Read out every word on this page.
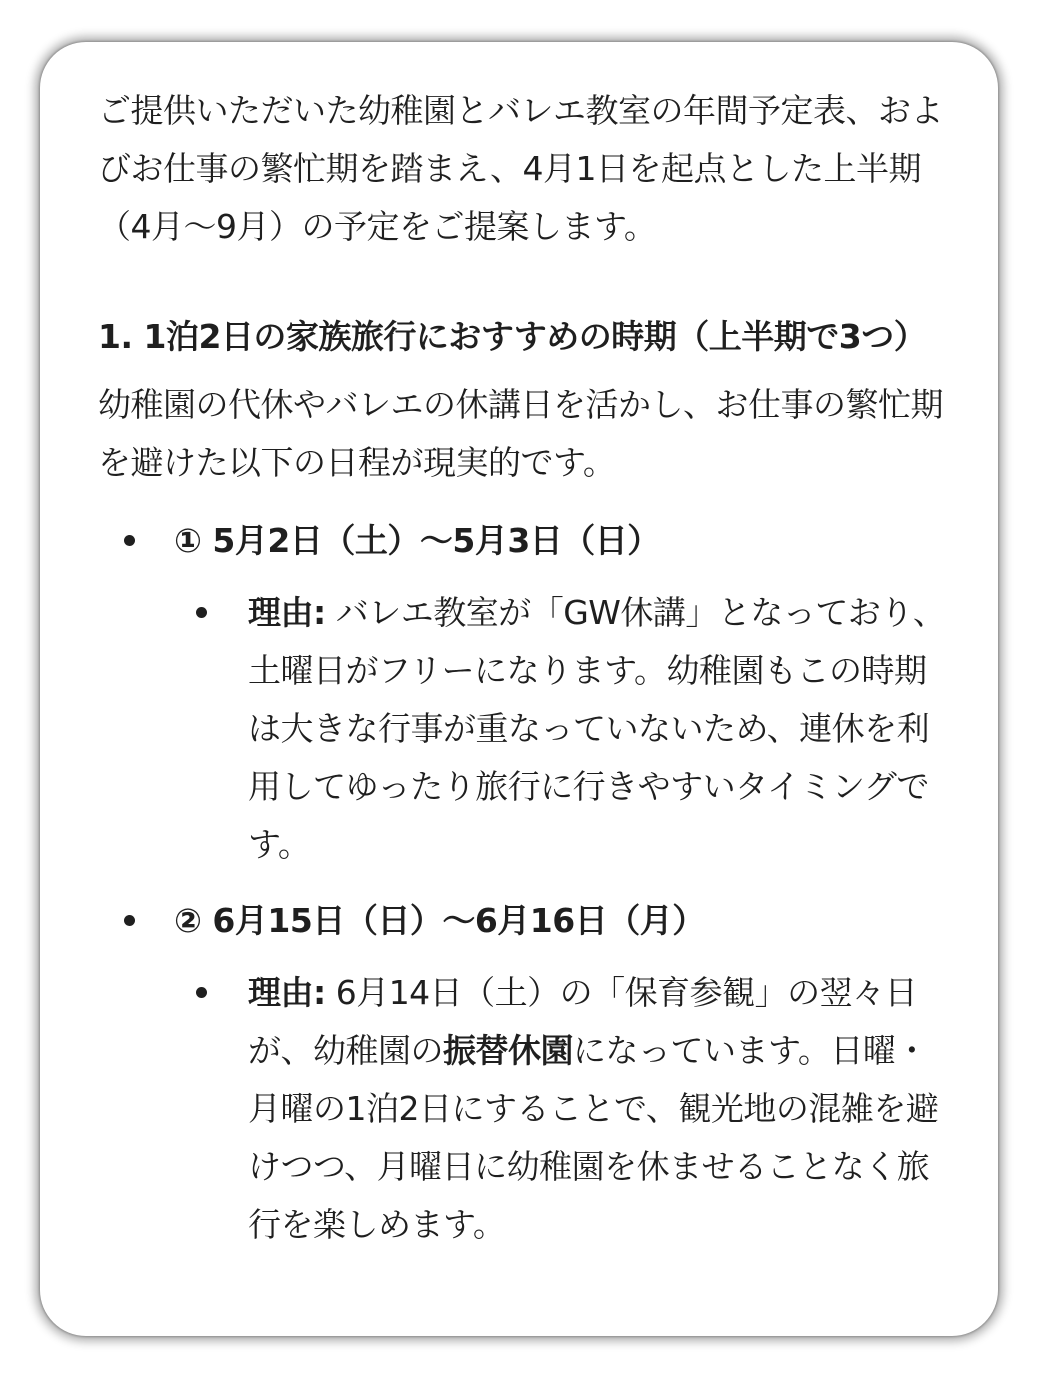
ご提供いただいた幼稚園とバレエ教室の年間予定表、およびお仕事の繁忙期を踏まえ、4月1日を起点とした上半期（4月〜9月）の予定をご提案します。

1. 1泊2日の家族旅行におすすめの時期（上半期で3つ）

幼稚園の代休やバレエの休講日を活かし、お仕事の繁忙期を避けた以下の日程が現実的です。

① 5月2日（土）〜5月3日（日）
理由: バレエ教室が「GW休講」となっており、土曜日がフリーになります。幼稚園もこの時期は大きな行事が重なっていないため、連休を利用してゆったり旅行に行きやすいタイミングです。
② 6月15日（日）〜6月16日（月）
理由: 6月14日（土）の「保育参観」の翌々日が、幼稚園の振替休園になっています。日曜・月曜の1泊2日にすることで、観光地の混雑を避けつつ、月曜日に幼稚園を休ませることなく旅行を楽しめます。
